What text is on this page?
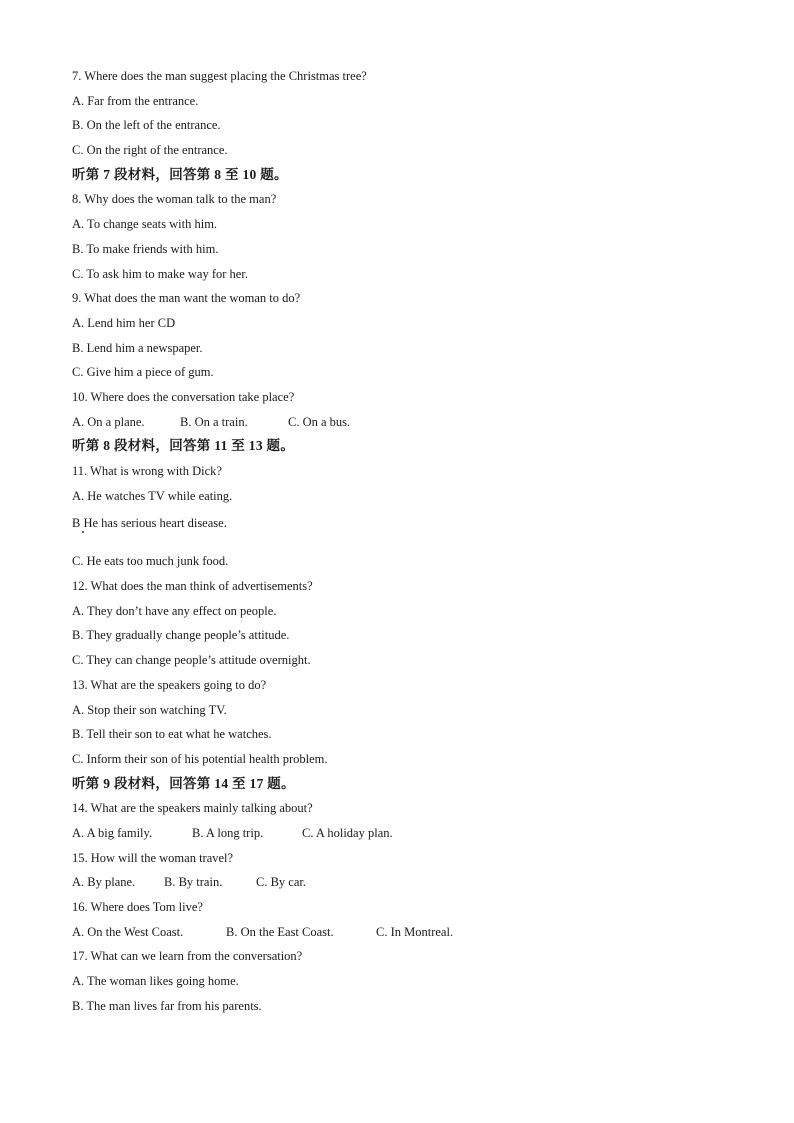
7. Where does the man suggest placing the Christmas tree?
A. Far from the entrance.
B. On the left of the entrance.
C. On the right of the entrance.
听第 7 段材料，回答第 8 至 10 题。
8. Why does the woman talk to the man?
A. To change seats with him.
B. To make friends with him.
C. To ask him to make way for her.
9. What does the man want the woman to do?
A. Lend him her CD
B. Lend him a newspaper.
C. Give him a piece of gum.
10. Where does the conversation take place?
A. On a plane.	B. On a train.	C. On a bus.
听第 8 段材料，回答第 11 至 13 题。
11. What is wrong with Dick?
A. He watches TV while eating.
B He has serious heart disease.
C. He eats too much junk food.
12. What does the man think of advertisements?
A. They don’t have any effect on people.
B. They gradually change people’s attitude.
C. They can change people’s attitude overnight.
13. What are the speakers going to do?
A. Stop their son watching TV.
B. Tell their son to eat what he watches.
C. Inform their son of his potential health problem.
听第 9 段材料，回答第 14 至 17 题。
14. What are the speakers mainly talking about?
A. A big family.	B. A long trip.	C. A holiday plan.
15. How will the woman travel?
A. By plane. B. By train.	C. By car.
16. Where does Tom live?
A. On the West Coast.	B. On the East Coast.	C. In Montreal.
17. What can we learn from the conversation?
A. The woman likes going home.
B. The man lives far from his parents.
